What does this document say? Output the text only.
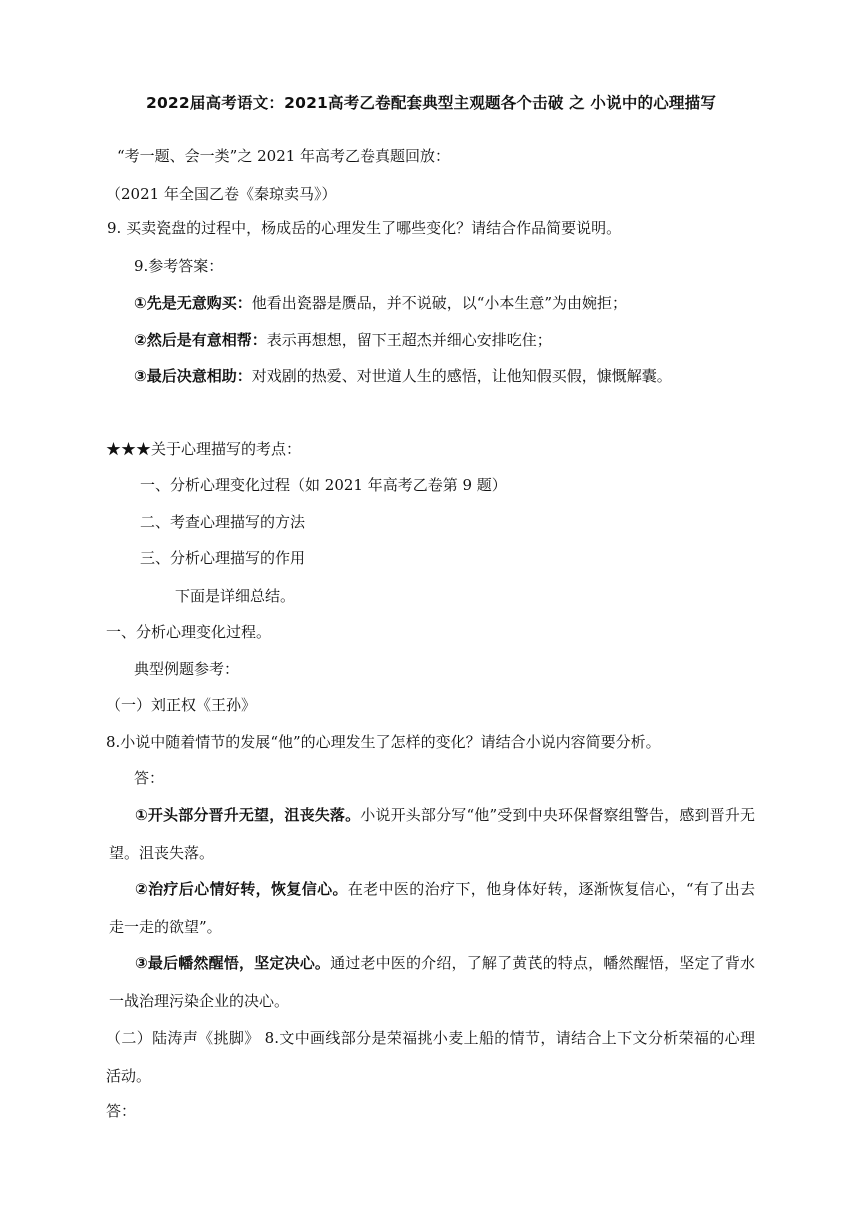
2022届高考语文：2021高考乙卷配套典型主观题各个击破 之 小说中的心理描写
“考一题、会一类”之 2021 年高考乙卷真题回放：
（2021 年全国乙卷《秦琼卖马》）
9. 买卖瓷盘的过程中，杨成岳的心理发生了哪些变化？请结合作品简要说明。
9.参考答案：
①先是无意购买：他看出瓷器是赝品，并不说破，以“小本生意”为由婉拒；
②然后是有意相帮：表示再想想，留下王超杰并细心安排吃住；
③最后决意相助：对戏剧的热爱、对世道人生的感悟，让他知假买假，慷慨解囊。
★★★关于心理描写的考点：
一、分析心理变化过程（如 2021 年高考乙卷第 9 题）
二、考查心理描写的方法
三、分析心理描写的作用
下面是详细总结。
一、分析心理变化过程。
典型例题参考：
（一）刘正权《王孙》
8.小说中随着情节的发展“他”的心理发生了怎样的变化？请结合小说内容简要分析。
答：
①开头部分晋升无望，沮丧失落。小说开头部分写“他”受到中央环保督察组警告，感到晋升无望。沮丧失落。
②治疗后心情好转，恢复信心。在老中医的治疗下，他身体好转，逐渐恢复信心，“有了出去走一走的欲望”。
③最后幡然醒悟，坚定决心。通过老中医的介绍，了解了黄芪的特点，幡然醒悟，坚定了背水一战治理污染企业的决心。
（二）陆涛声《挑脚》 8.文中画线部分是荣福挑小麦上船的情节，请结合上下文分析荣福的心理活动。
答：
